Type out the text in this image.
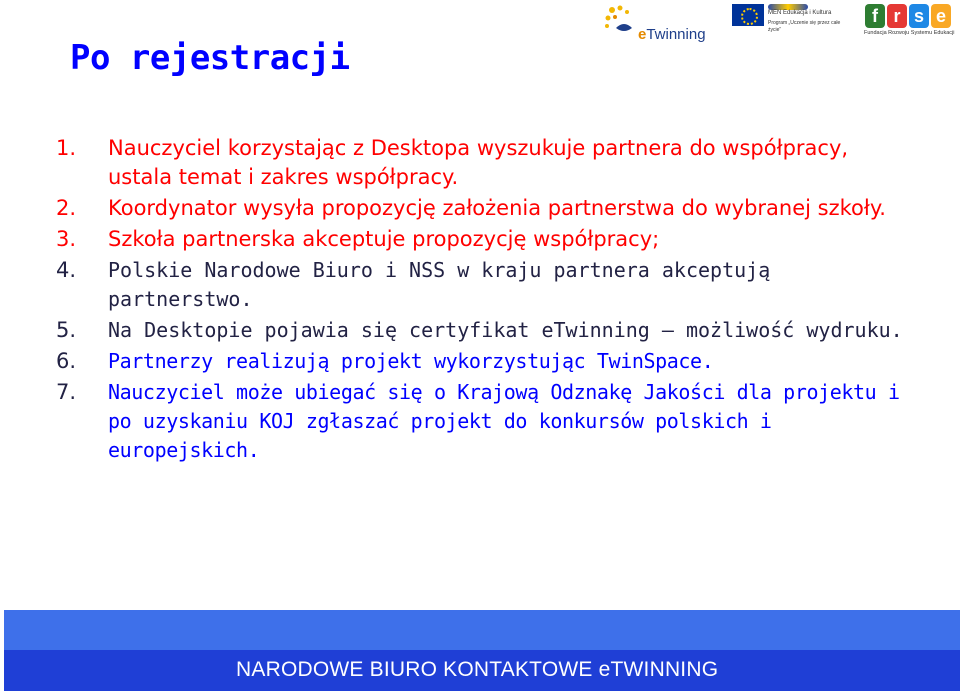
Po rejestracji
eTwinning
MEN Edukacja i Kultura
Program „Uczenie się przez całe życie”
f r s e
Fundacja Rozwoju Systemu Edukacji
1. Nauczyciel korzystając z Desktopa wyszukuje partnera do współpracy, ustala temat i zakres współpracy.
2. Koordynator wysyła propozycję założenia partnerstwa do wybranej szkoły.
3. Szkoła partnerska akceptuje propozycję współpracy;
4. Polskie Narodowe Biuro i NSS w kraju partnera akceptują partnerstwo.
5. Na Desktopie pojawia się certyfikat eTwinning – możliwość wydruku.
6. Partnerzy realizują projekt wykorzystując TwinSpace.
7. Nauczyciel może ubiegać się o Krajową Odznakę Jakości dla projektu i po uzyskaniu KOJ zgłaszać projekt do konkursów polskich i europejskich.

NARODOWE BIURO KONTAKTOWE eTWINNING
